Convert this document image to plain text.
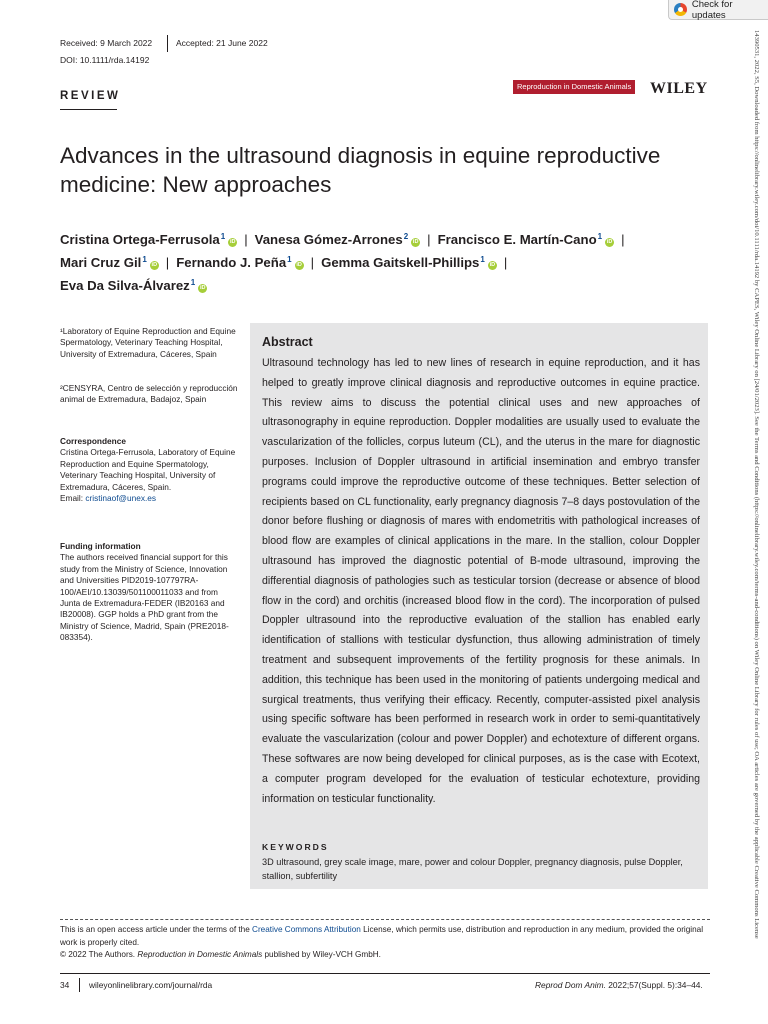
Check for updates
14390531, 2022, S5, Downloaded from https://onlinelibrary.wiley.com/doi/10.1111/rda.14192 by CAPES, Wiley Online Library on [24/01/2023]. See the Terms and Conditions (https://onlinelibrary.wiley.com/terms-and-conditions) on Wiley Online Library for rules of use; OA articles are governed by the applicable Creative Commons License
Received: 9 March 2022	Accepted: 21 June 2022
DOI: 10.1111/rda.14192
REVIEW
Reproduction in Domestic Animals WILEY
Advances in the ultrasound diagnosis in equine reproductive
medicine: New approaches
Cristina Ortega-Ferrusola$^1$iD | Vanesa Gómez-Arrones$^2$iD | Francisco E. Martín-Cano$^1$iD |
Mari Cruz Gil$^1$iD | Fernando J. Peña$^1$iD | Gemma Gaitskell-Phillips$^1$iD |
Eva Da Silva-Álvarez$^1$iD
¹Laboratory of Equine Reproduction and Equine Spermatology, Veterinary Teaching Hospital, University of Extremadura, Cáceres, Spain
²CENSYRA, Centro de selección y reproducción animal de Extremadura, Badajoz, Spain
Correspondence
Cristina Ortega-Ferrusola, Laboratory of Equine Reproduction and Equine Spermatology, Veterinary Teaching Hospital, University of Extremadura, Cáceres, Spain.
Email: cristinaof@unex.es
Funding information
The authors received financial support for this study from the Ministry of Science, Innovation and Universities PID2019-107797RA-100/AEI/10.13039/501100011033 and from Junta de Extremadura-FEDER (IB20163 and IB20008). GGP holds a PhD grant from the Ministry of Science, Madrid, Spain (PRE2018-083354).
Abstract
Ultrasound technology has led to new lines of research in equine reproduction, and it has helped to greatly improve clinical diagnosis and reproductive outcomes in equine practice. This review aims to discuss the potential clinical uses and new approaches of ultrasonography in equine reproduction. Doppler modalities are usually used to evaluate the vascularization of the follicles, corpus luteum (CL), and the uterus in the mare for diagnostic purposes. Inclusion of Doppler ultrasound in artificial insemination and embryo transfer programs could improve the reproductive outcome of these techniques. Better selection of recipients based on CL functionality, early pregnancy diagnosis 7–8 days postovulation of the donor before flushing or diagnosis of mares with endometritis with pathological increases of blood flow are examples of clinical applications in the mare. In the stallion, colour Doppler ultrasound has improved the diagnostic potential of B-mode ultrasound, improving the differential diagnosis of pathologies such as testicular torsion (decrease or absence of blood flow in the cord) and orchitis (increased blood flow in the cord). The incorporation of pulsed Doppler ultrasound into the reproductive evaluation of the stallion has enabled early identification of stallions with testicular dysfunction, thus allowing administration of timely treatment and subsequent improvements of the fertility prognosis for these animals. In addition, this technique has been used in the monitoring of patients undergoing medical and surgical treatments, thus verifying their efficacy. Recently, computer-assisted pixel analysis using specific software has been performed in research work in order to semi-quantitatively evaluate the vascularization (colour and power Doppler) and echotexture of different organs. These softwares are now being developed for clinical purposes, as is the case with Ecotext, a computer program developed for the evaluation of testicular echotexture, providing information on testicular functionality.
KEYWORDS
3D ultrasound, grey scale image, mare, power and colour Doppler, pregnancy diagnosis, pulse Doppler, stallion, subfertility
This is an open access article under the terms of the Creative Commons Attribution License, which permits use, distribution and reproduction in any medium, provided the original work is properly cited.
© 2022 The Authors. Reproduction in Domestic Animals published by Wiley-VCH GmbH.
34 wileyonlinelibrary.com/journal/rda	Reprod Dom Anim. 2022;57(Suppl. 5):34–44.
